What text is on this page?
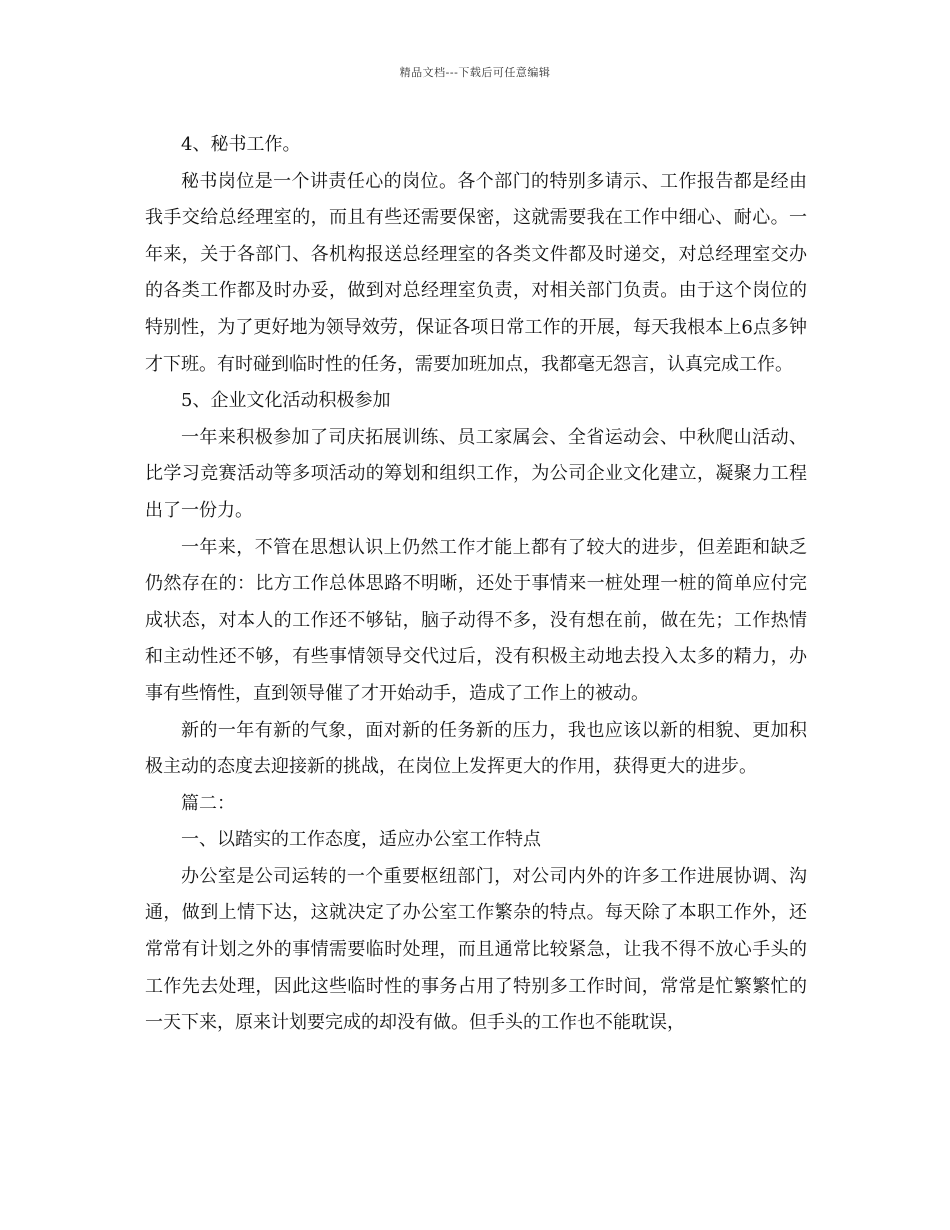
精品文档---下载后可任意编辑

4、秘书工作。

秘书岗位是一个讲责任心的岗位。各个部门的特别多请示、工作报告都是经由我手交给总经理室的，而且有些还需要保密，这就需要我在工作中细心、耐心。一年来，关于各部门、各机构报送总经理室的各类文件都及时递交，对总经理室交办的各类工作都及时办妥，做到对总经理室负责，对相关部门负责。由于这个岗位的特别性，为了更好地为领导效劳，保证各项日常工作的开展，每天我根本上6点多钟才下班。有时碰到临时性的任务，需要加班加点，我都毫无怨言，认真完成工作。

5、企业文化活动积极参加

一年来积极参加了司庆拓展训练、员工家属会、全省运动会、中秋爬山活动、比学习竞赛活动等多项活动的筹划和组织工作，为公司企业文化建立，凝聚力工程出了一份力。

一年来，不管在思想认识上仍然工作才能上都有了较大的进步，但差距和缺乏仍然存在的：比方工作总体思路不明晰，还处于事情来一桩处理一桩的简单应付完成状态，对本人的工作还不够钻，脑子动得不多，没有想在前，做在先；工作热情和主动性还不够，有些事情领导交代过后，没有积极主动地去投入太多的精力，办事有些惰性，直到领导催了才开始动手，造成了工作上的被动。

新的一年有新的气象，面对新的任务新的压力，我也应该以新的相貌、更加积极主动的态度去迎接新的挑战，在岗位上发挥更大的作用，获得更大的进步。

篇二：

一、以踏实的工作态度，适应办公室工作特点

办公室是公司运转的一个重要枢纽部门，对公司内外的许多工作进展协调、沟通，做到上情下达，这就决定了办公室工作繁杂的特点。每天除了本职工作外，还常常有计划之外的事情需要临时处理，而且通常比较紧急，让我不得不放心手头的工作先去处理，因此这些临时性的事务占用了特别多工作时间，常常是忙繁繁忙的一天下来，原来计划要完成的却没有做。但手头的工作也不能耽误，
